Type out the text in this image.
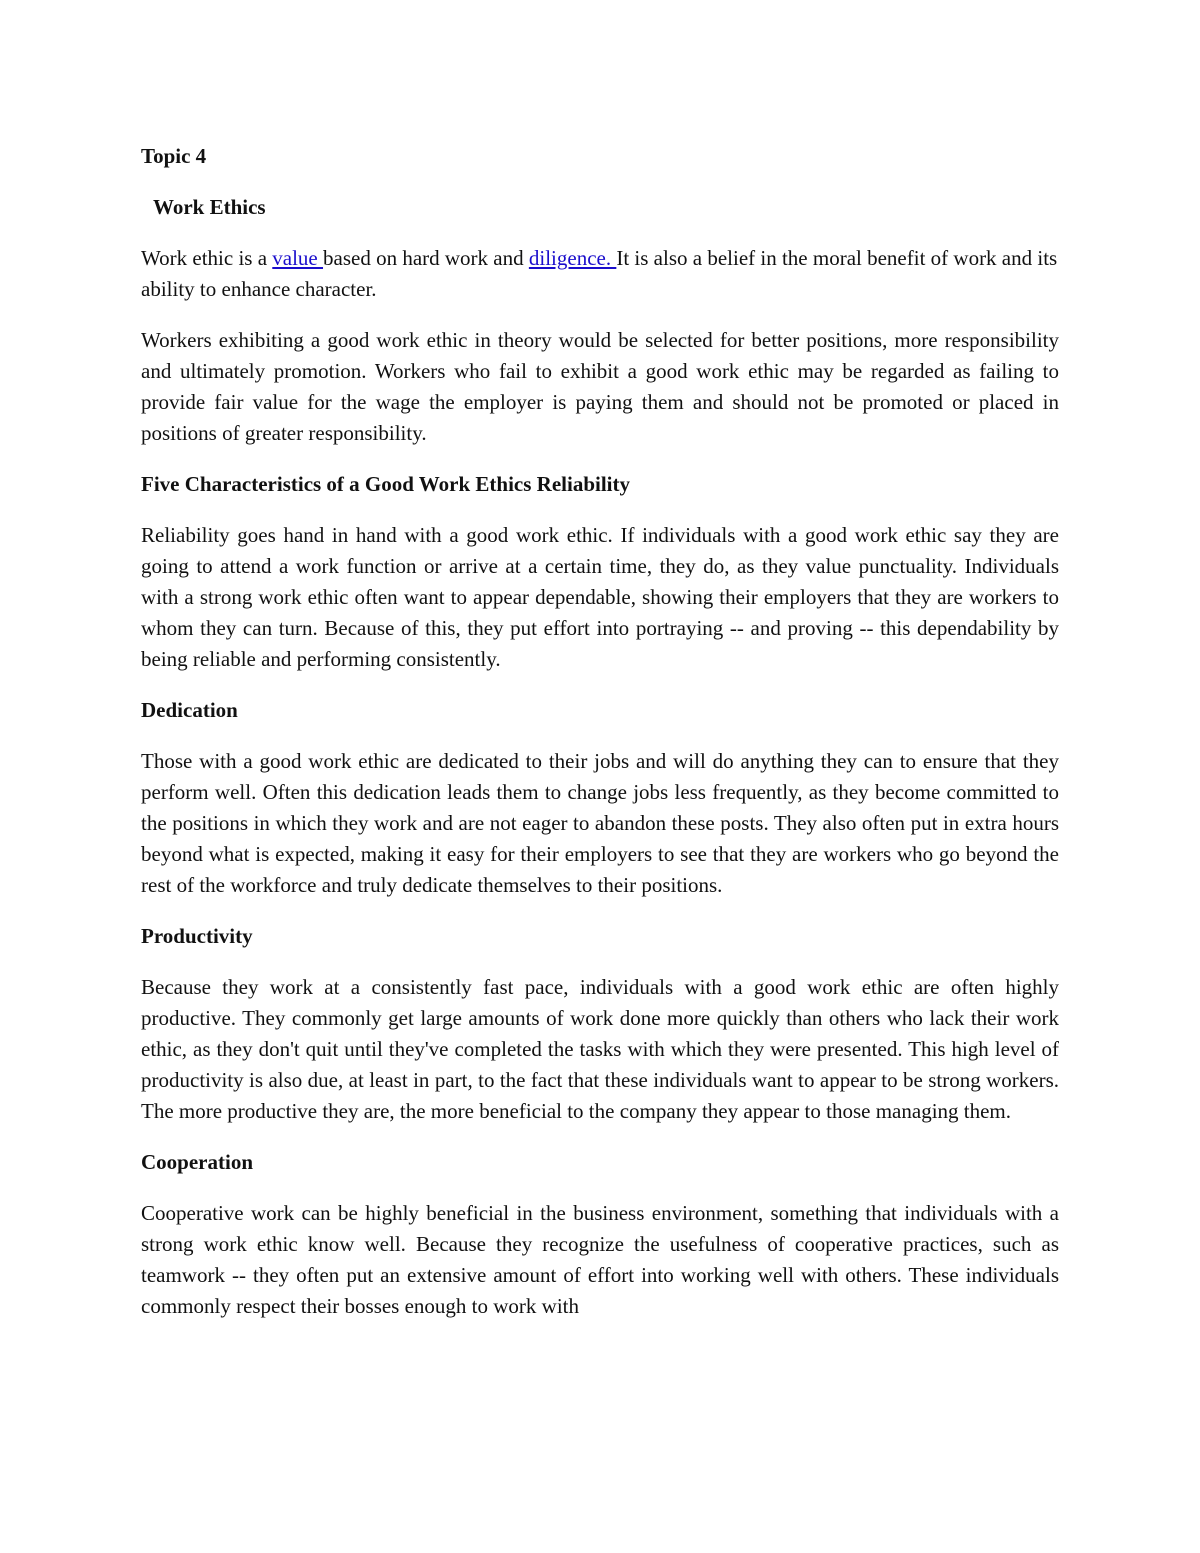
Topic 4
Work Ethics

Work ethic is a value based on hard work and diligence. It is also a belief in the moral benefit of work and its ability to enhance character.

Workers exhibiting a good work ethic in theory would be selected for better positions, more responsibility and ultimately promotion. Workers who fail to exhibit a good work ethic may be regarded as failing to provide fair value for the wage the employer is paying them and should not be promoted or placed in positions of greater responsibility.

Five Characteristics of a Good Work Ethics Reliability

Reliability goes hand in hand with a good work ethic. If individuals with a good work ethic say they are going to attend a work function or arrive at a certain time, they do, as they value punctuality. Individuals with a strong work ethic often want to appear dependable, showing their employers that they are workers to whom they can turn. Because of this, they put effort into portraying -- and proving -- this dependability by being reliable and performing consistently.

Dedication

Those with a good work ethic are dedicated to their jobs and will do anything they can to ensure that they perform well. Often this dedication leads them to change jobs less frequently, as they become committed to the positions in which they work and are not eager to abandon these posts. They also often put in extra hours beyond what is expected, making it easy for their employers to see that they are workers who go beyond the rest of the workforce and truly dedicate themselves to their positions.

Productivity

Because they work at a consistently fast pace, individuals with a good work ethic are often highly productive. They commonly get large amounts of work done more quickly than others who lack their work ethic, as they don't quit until they've completed the tasks with which they were presented. This high level of productivity is also due, at least in part, to the fact that these individuals want to appear to be strong workers. The more productive they are, the more beneficial to the company they appear to those managing them.

Cooperation

Cooperative work can be highly beneficial in the business environment, something that individuals with a strong work ethic know well. Because they recognize the usefulness of cooperative practices, such as teamwork -- they often put an extensive amount of effort into working well with others. These individuals commonly respect their bosses enough to work with
